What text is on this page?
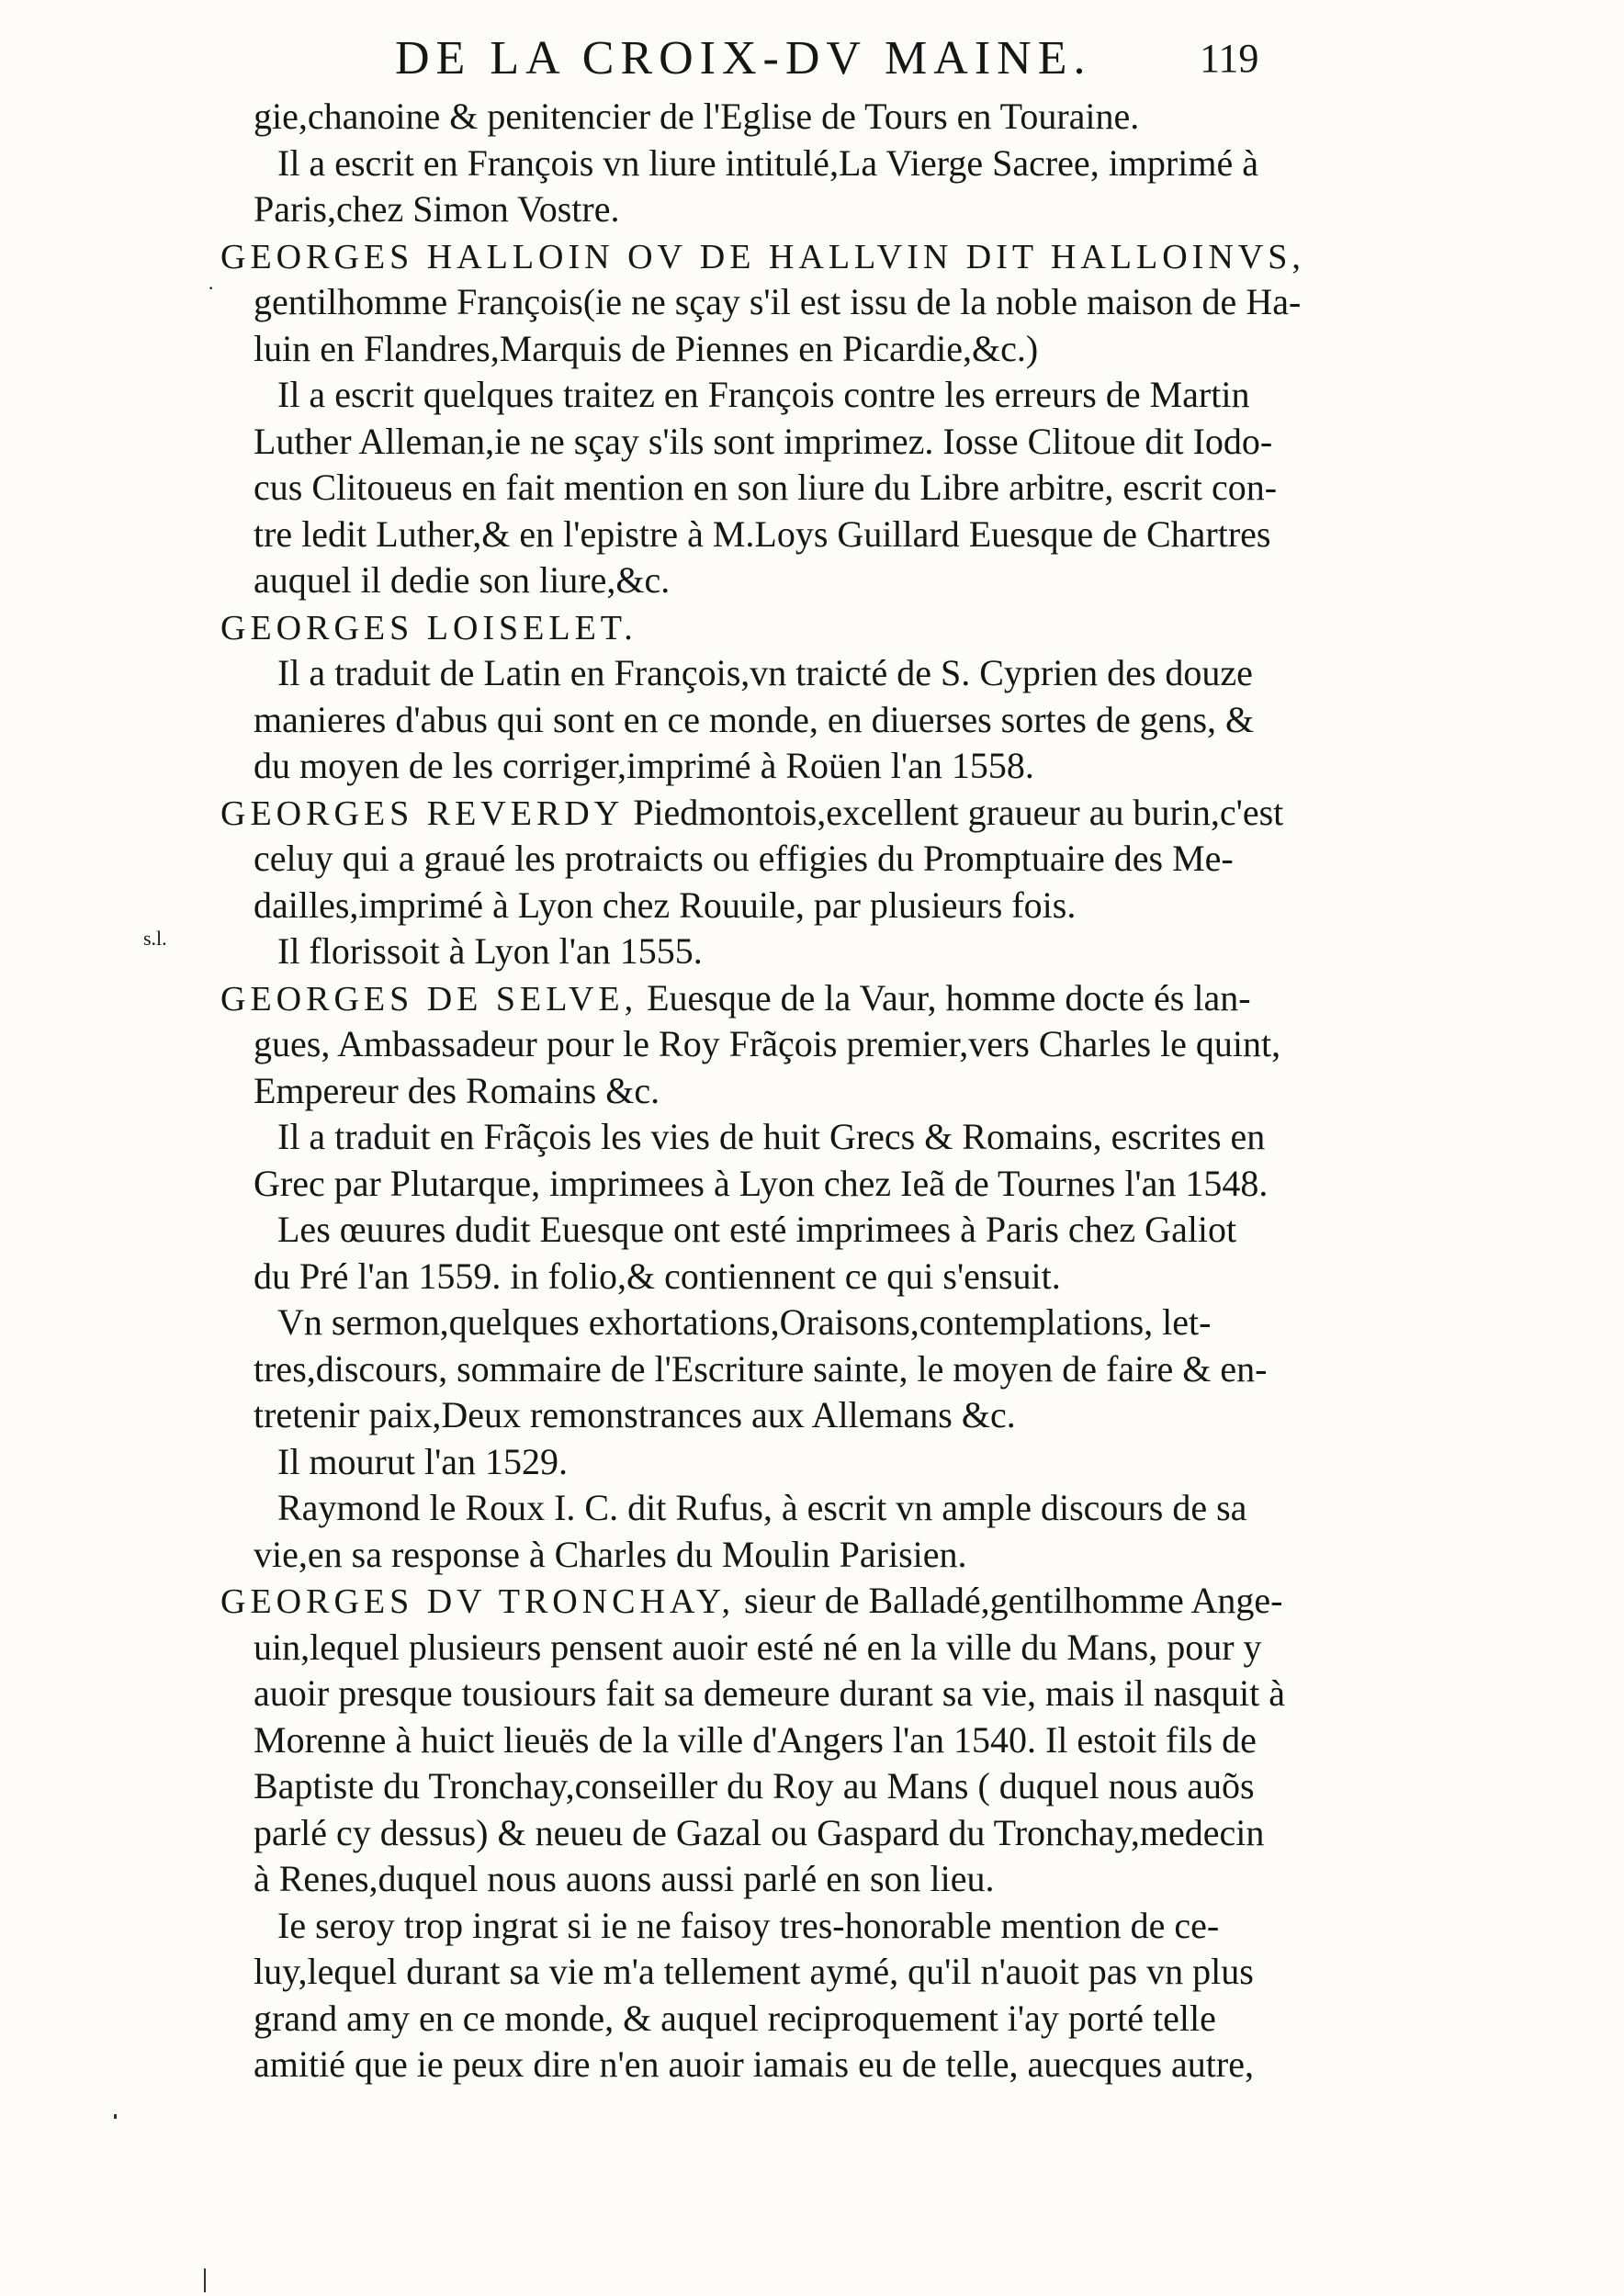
DE LA CROIX-DV MAINE.	119
·
s.l.
gie,chanoine & penitencier de l'Eglise de Tours en Touraine.
Il a escrit en François vn liure intitulé,La Vierge Sacree, imprimé à
Paris,chez Simon Vostre.
GEORGES HALLOIN OV DE HALLVIN DIT HALLOINVS,
gentilhomme François(ie ne sçay s'il est issu de la noble maison de Ha-
luin en Flandres,Marquis de Piennes en Picardie,&c.)
Il a escrit quelques traitez en François contre les erreurs de Martin
Luther Alleman,ie ne sçay s'ils sont imprimez. Iosse Clitoue dit Iodo-
cus Clitoueus en fait mention en son liure du Libre arbitre, escrit con-
tre ledit Luther,& en l'epistre à M.Loys Guillard Euesque de Chartres
auquel il dedie son liure,&c.
GEORGES LOISELET.
Il a traduit de Latin en François,vn traicté de S. Cyprien des douze
manieres d'abus qui sont en ce monde, en diuerses sortes de gens, &
du moyen de les corriger,imprimé à Roüen l'an 1558.
GEORGES REVERDY Piedmontois,excellent graueur au burin,c'est
celuy qui a graué les protraicts ou effigies du Promptuaire des Me-
dailles,imprimé à Lyon chez Rouuile, par plusieurs fois.
Il florissoit à Lyon l'an 1555.
GEORGES DE SELVE, Euesque de la Vaur, homme docte és lan-
gues, Ambassadeur pour le Roy Frãçois premier,vers Charles le quint,
Empereur des Romains &c.
Il a traduit en Frãçois les vies de huit Grecs & Romains, escrites en
Grec par Plutarque, imprimees à Lyon chez Ieã de Tournes l'an 1548.
Les œuures dudit Euesque ont esté imprimees à Paris chez Galiot
du Pré l'an 1559. in folio,& contiennent ce qui s'ensuit.
Vn sermon,quelques exhortations,Oraisons,contemplations, let-
tres,discours, sommaire de l'Escriture sainte, le moyen de faire & en-
tretenir paix,Deux remonstrances aux Allemans &c.
Il mourut l'an 1529.
Raymond le Roux I. C. dit Rufus, à escrit vn ample discours de sa
vie,en sa response à Charles du Moulin Parisien.
GEORGES DV TRONCHAY, sieur de Balladé,gentilhomme Ange-
uin,lequel plusieurs pensent auoir esté né en la ville du Mans, pour y
auoir presque tousiours fait sa demeure durant sa vie, mais il nasquit à
Morenne à huict lieuës de la ville d'Angers l'an 1540. Il estoit fils de
Baptiste du Tronchay,conseiller du Roy au Mans ( duquel nous auõs
parlé cy dessus) & neueu de Gazal ou Gaspard du Tronchay,medecin
à Renes,duquel nous auons aussi parlé en son lieu.
Ie seroy trop ingrat si ie ne faisoy tres-honorable mention de ce-
luy,lequel durant sa vie m'a tellement aymé, qu'il n'auoit pas vn plus
grand amy en ce monde, & auquel reciproquement i'ay porté telle
amitié que ie peux dire n'en auoir iamais eu de telle, auecques autre,
